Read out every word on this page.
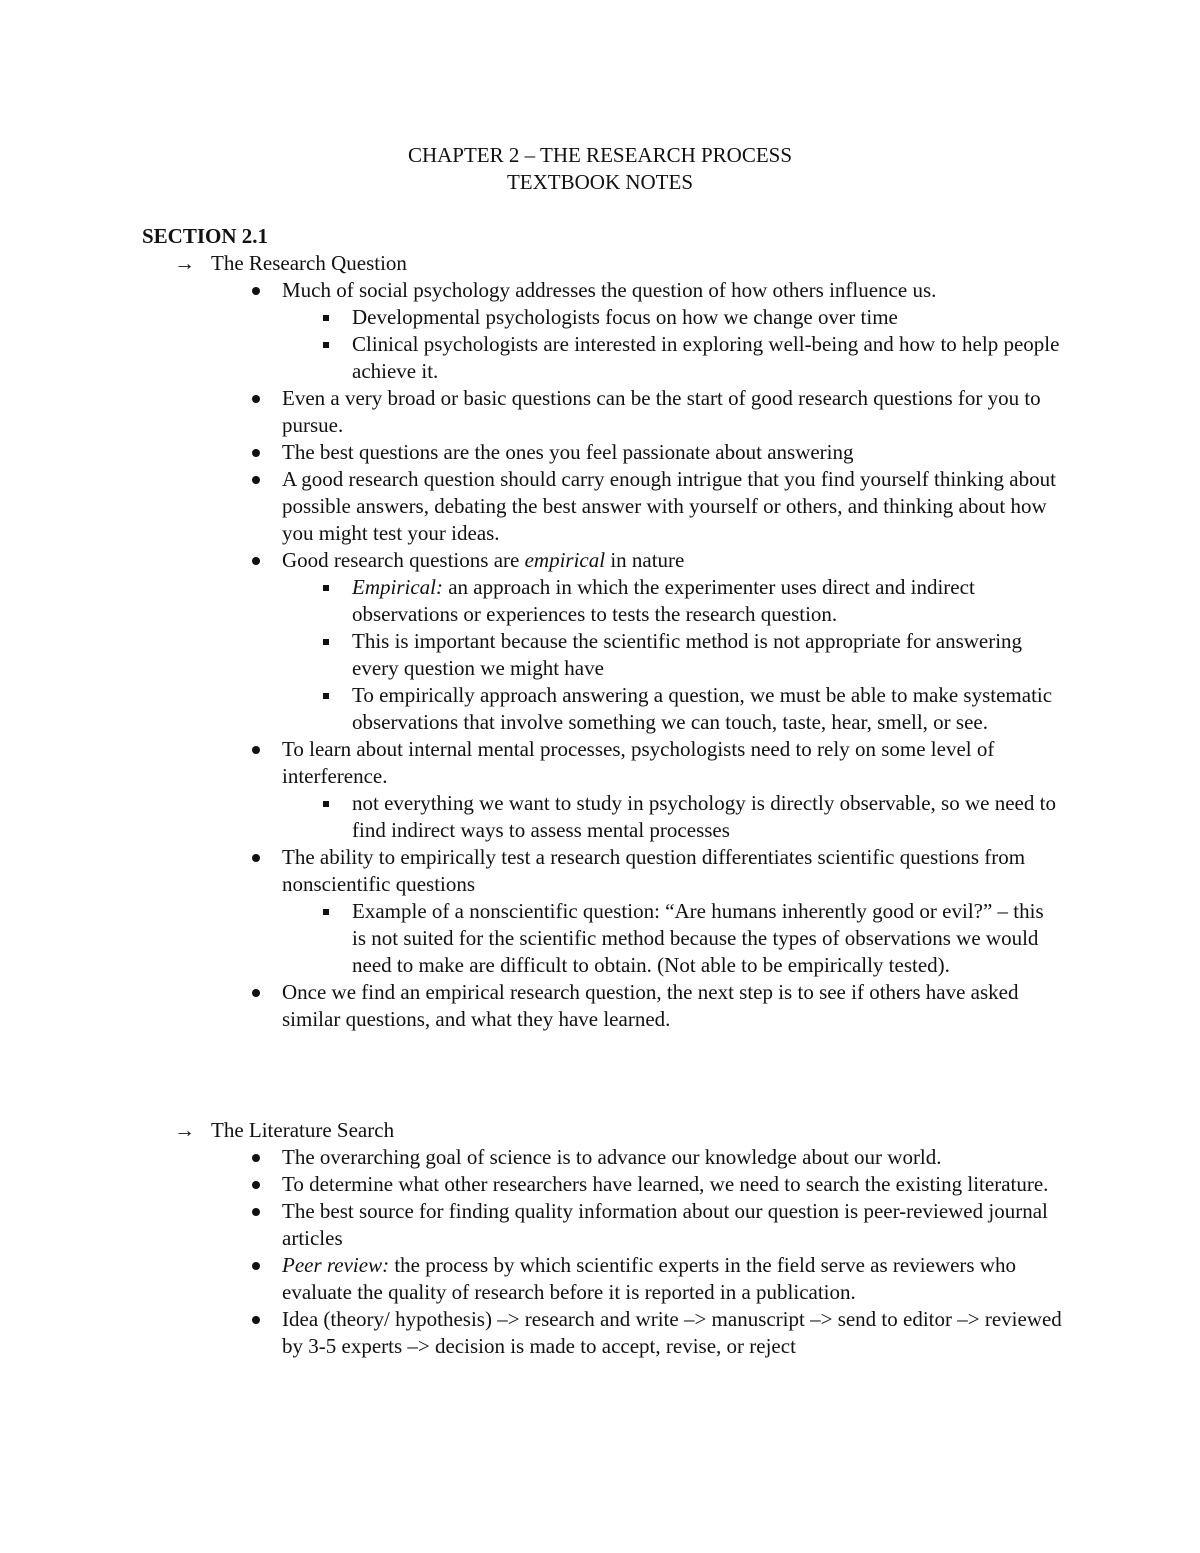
CHAPTER 2 – THE RESEARCH PROCESS
TEXTBOOK NOTES
SECTION 2.1
→ The Research Question
Much of social psychology addresses the question of how others influence us.
Developmental psychologists focus on how we change over time
Clinical psychologists are interested in exploring well-being and how to help people achieve it.
Even a very broad or basic questions can be the start of good research questions for you to pursue.
The best questions are the ones you feel passionate about answering
A good research question should carry enough intrigue that you find yourself thinking about possible answers, debating the best answer with yourself or others, and thinking about how you might test your ideas.
Good research questions are empirical in nature
Empirical: an approach in which the experimenter uses direct and indirect observations or experiences to tests the research question.
This is important because the scientific method is not appropriate for answering every question we might have
To empirically approach answering a question, we must be able to make systematic observations that involve something we can touch, taste, hear, smell, or see.
To learn about internal mental processes, psychologists need to rely on some level of interference.
not everything we want to study in psychology is directly observable, so we need to find indirect ways to assess mental processes
The ability to empirically test a research question differentiates scientific questions from nonscientific questions
Example of a nonscientific question: “Are humans inherently good or evil?” – this is not suited for the scientific method because the types of observations we would need to make are difficult to obtain. (Not able to be empirically tested).
Once we find an empirical research question, the next step is to see if others have asked similar questions, and what they have learned.
→ The Literature Search
The overarching goal of science is to advance our knowledge about our world.
To determine what other researchers have learned, we need to search the existing literature.
The best source for finding quality information about our question is peer-reviewed journal articles
Peer review: the process by which scientific experts in the field serve as reviewers who evaluate the quality of research before it is reported in a publication.
Idea (theory/ hypothesis) –> research and write –> manuscript –> send to editor –> reviewed by 3-5 experts –> decision is made to accept, revise, or reject
